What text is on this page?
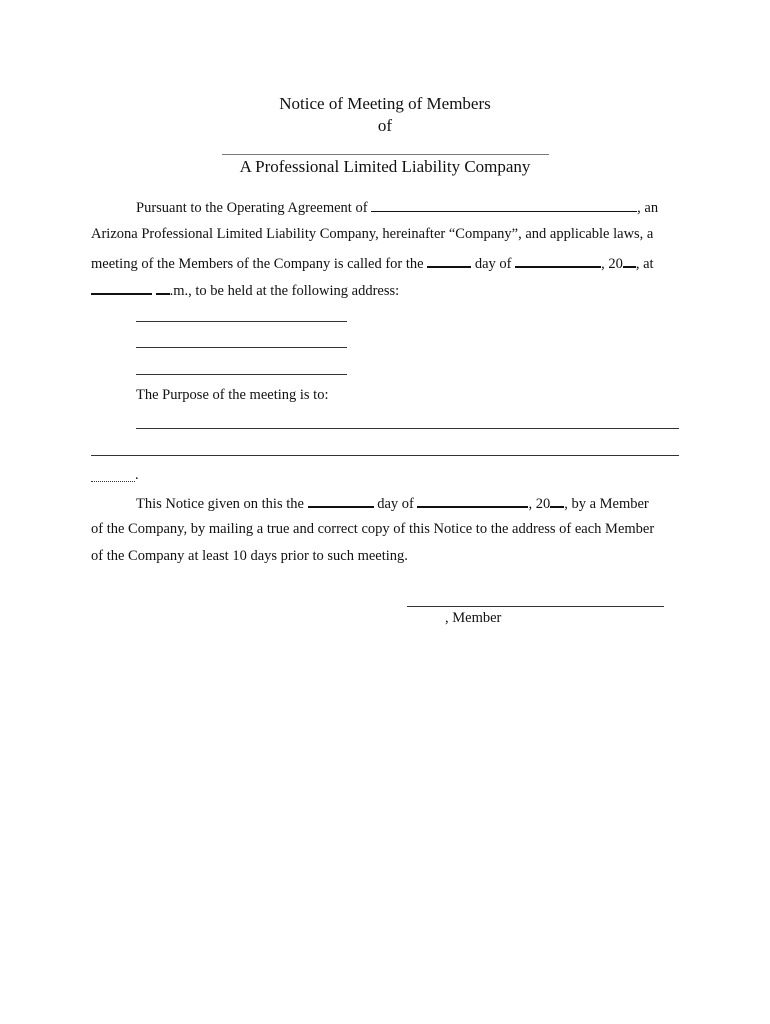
Notice of Meeting of Members
of
A Professional Limited Liability Company
Pursuant to the Operating Agreement of	, an
Arizona Professional Limited Liability Company, hereinafter “Company”, and applicable laws, a
meeting of the Members of the Company is called for the	day of	, 20 , at
.m., to be held at the following address:
The Purpose of the meeting is to:
.
This Notice given on this the	day of	, 20 , by a Member
of the Company, by mailing a true and correct copy of this Notice to the address of each Member
of the Company at least 10 days prior to such meeting.
, Member
